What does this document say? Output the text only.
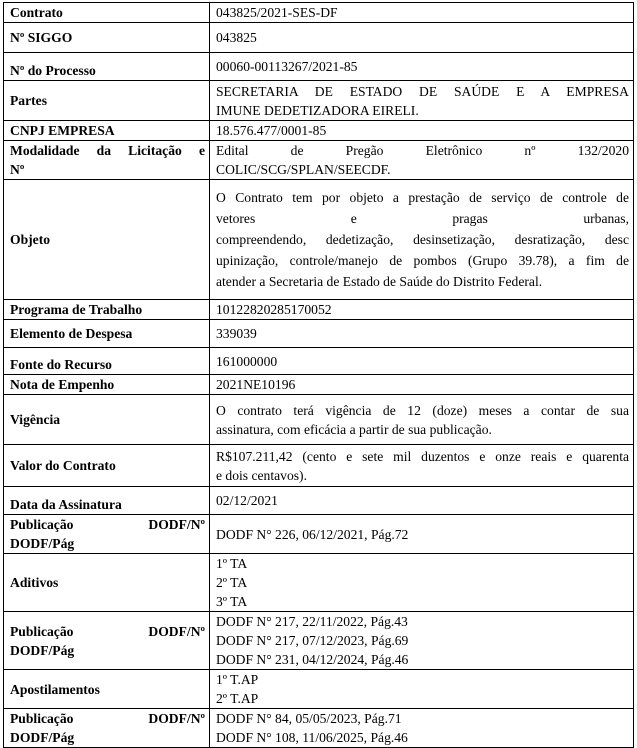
Contrato	043825/2021-SES-DF
Nº SIGGO	043825
Nº do Processo	00060-00113267/2021-85
Partes	SECRETARIA DE ESTADO DE SAÚDE E A EMPRESA
IMUNE DEDETIZADORA EIRELI.

CNPJ EMPRESA	18.576.477/0001-85

Modalidade da Licitação e
Nº	Edital de Pregão Eletrônico nº 132/2020
COLIC/SCG/SPLAN/SEECDF.

Objeto	O Contrato tem por objeto a prestação de serviço de controle de
vetores e pragas urbanas,
compreendendo, dedetização, desinsetização, desratização, desc
upinização, controle/manejo de pombos (Grupo 39.78), a fim de
atender a Secretaria de Estado de Saúde do Distrito Federal.

Programa de Trabalho	10122820285170052
Elemento de Despesa	339039
Fonte do Recurso	161000000
Nota de Empenho	2021NE10196
Vigência	O contrato terá vigência de 12 (doze) meses a contar de sua
assinatura, com eficácia a partir de sua publicação.

Valor do Contrato	R$107.211,42 (cento e sete mil duzentos e onze reais e quarenta
e dois centavos).

Data da Assinatura	02/12/2021

Publicação DODF/Nº
DODF/Pág	DODF N° 226, 06/12/2021, Pág.72
Aditivos	1º TA
2º TA
3º TA

Publicação DODF/Nº
DODF/Pág	DODF N° 217, 22/11/2022, Pág.43
DODF N° 217, 07/12/2023, Pág.69
DODF N° 231, 04/12/2024, Pág.46

Apostilamentos	1º T.AP
2º T.AP

Publicação DODF/Nº
DODF/Pág	DODF N° 84, 05/05/2023, Pág.71
DODF N° 108, 11/06/2025, Pág.46
